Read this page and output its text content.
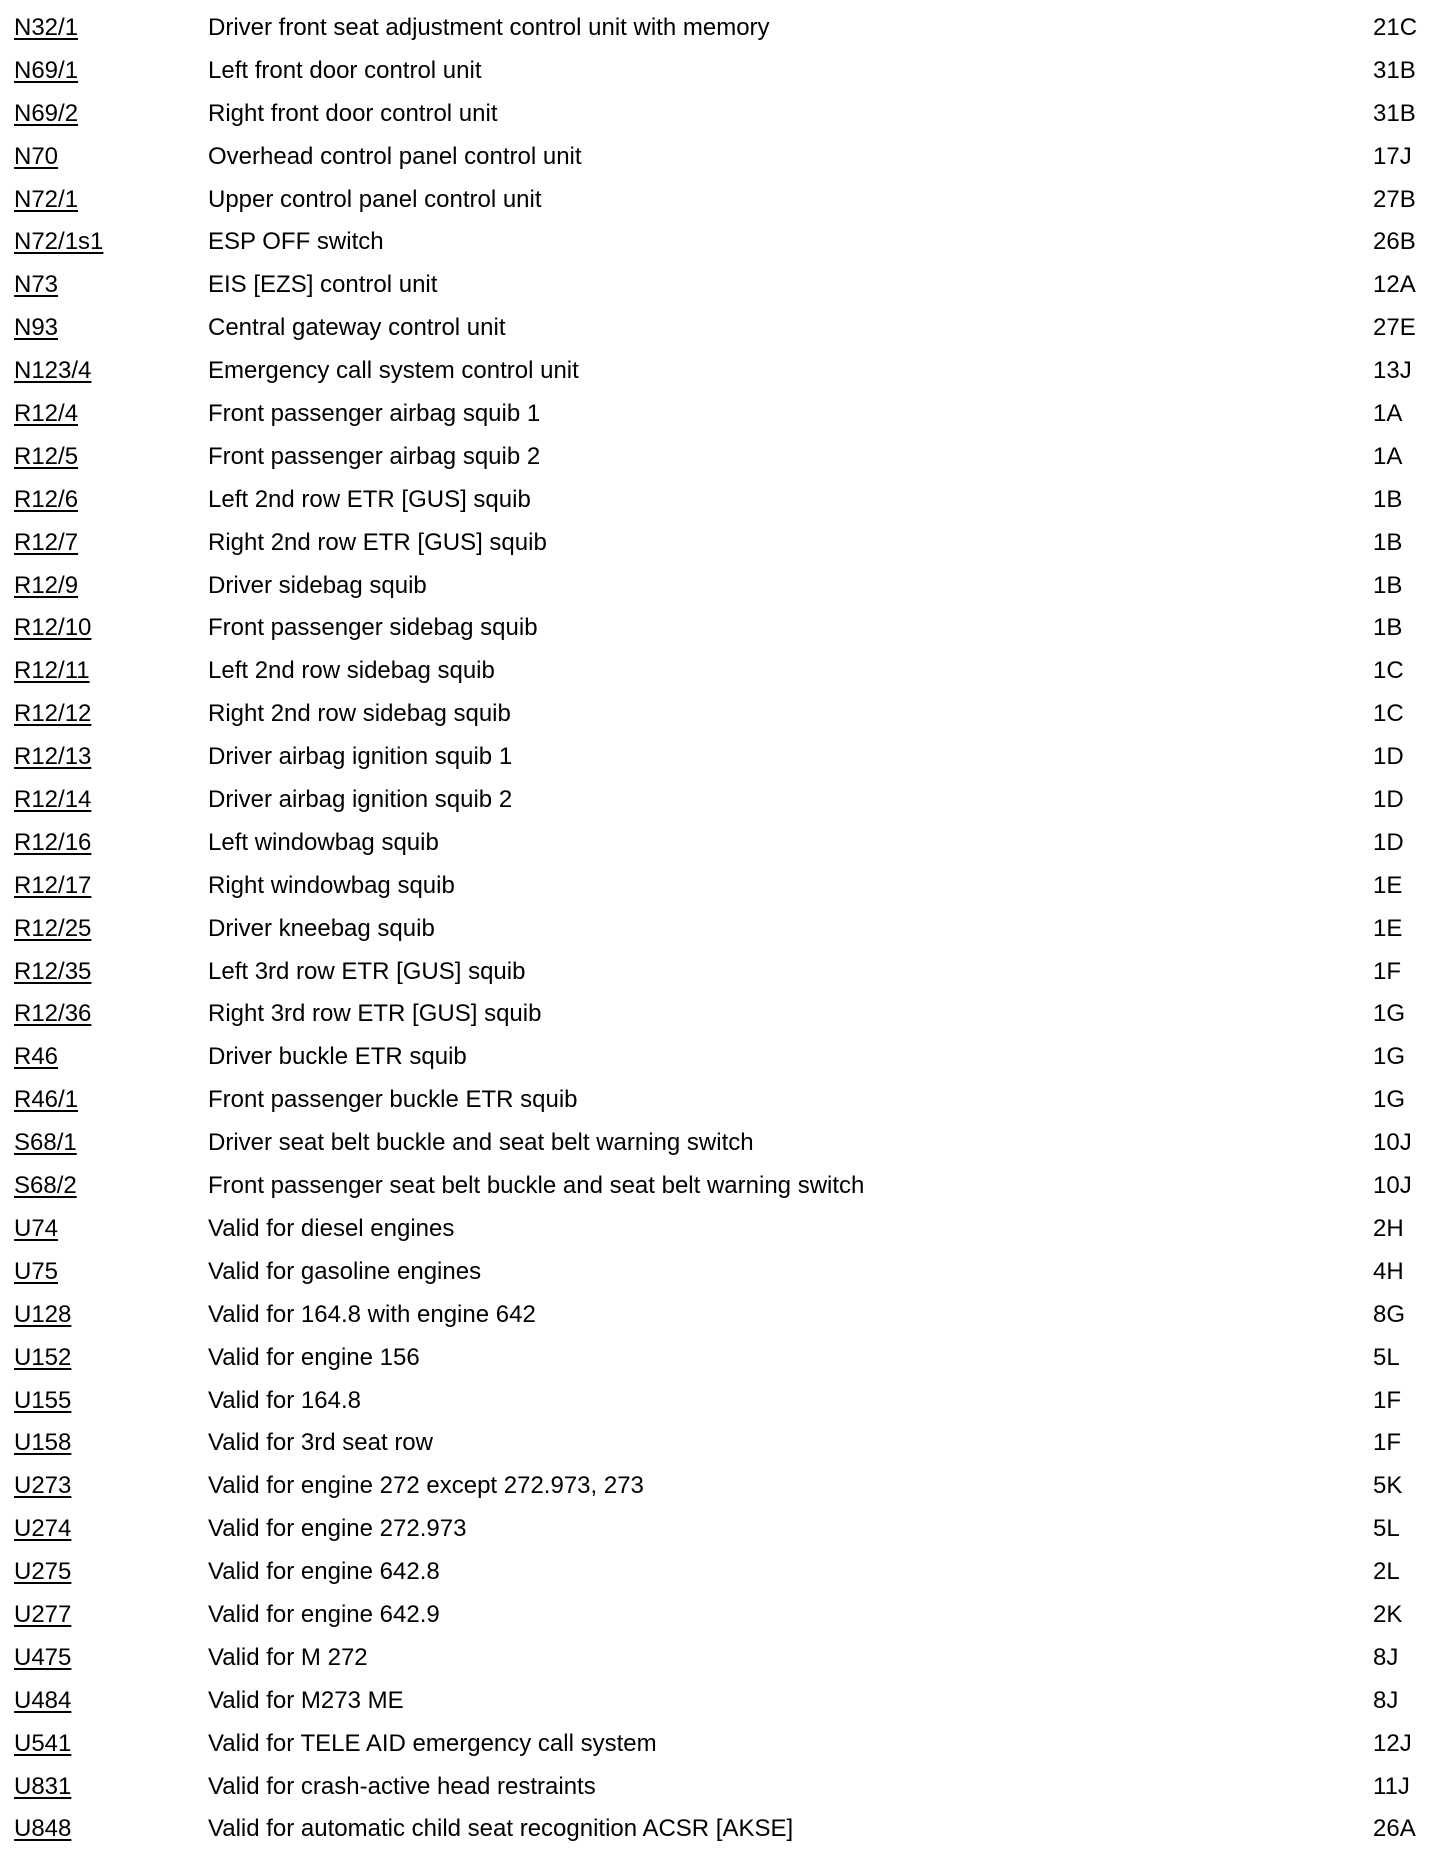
N32/1	Driver front seat adjustment control unit with memory	21C
N69/1	Left front door control unit	31B
N69/2	Right front door control unit	31B
N70	Overhead control panel control unit	17J
N72/1	Upper control panel control unit	27B
N72/1s1	ESP OFF switch	26B
N73	EIS [EZS] control unit	12A
N93	Central gateway control unit	27E
N123/4	Emergency call system control unit	13J
R12/4	Front passenger airbag squib 1	1A
R12/5	Front passenger airbag squib 2	1A
R12/6	Left 2nd row ETR [GUS] squib	1B
R12/7	Right 2nd row ETR [GUS] squib	1B
R12/9	Driver sidebag squib	1B
R12/10	Front passenger sidebag squib	1B
R12/11	Left 2nd row sidebag squib	1C
R12/12	Right 2nd row sidebag squib	1C
R12/13	Driver airbag ignition squib 1	1D
R12/14	Driver airbag ignition squib 2	1D
R12/16	Left windowbag squib	1D
R12/17	Right windowbag squib	1E
R12/25	Driver kneebag squib	1E
R12/35	Left 3rd row ETR [GUS] squib	1F
R12/36	Right 3rd row ETR [GUS] squib	1G
R46	Driver buckle ETR squib	1G
R46/1	Front passenger buckle ETR squib	1G
S68/1	Driver seat belt buckle and seat belt warning switch	10J
S68/2	Front passenger seat belt buckle and seat belt warning switch	10J
U74	Valid for diesel engines	2H
U75	Valid for gasoline engines	4H
U128	Valid for 164.8 with engine 642	8G
U152	Valid for engine 156	5L
U155	Valid for 164.8	1F
U158	Valid for 3rd seat row	1F
U273	Valid for engine 272 except 272.973, 273	5K
U274	Valid for engine 272.973	5L
U275	Valid for engine 642.8	2L
U277	Valid for engine 642.9	2K
U475	Valid for M 272	8J
U484	Valid for M273 ME	8J
U541	Valid for TELE AID emergency call system	12J
U831	Valid for crash-active head restraints	11J
U848	Valid for automatic child seat recognition ACSR [AKSE]	26A
